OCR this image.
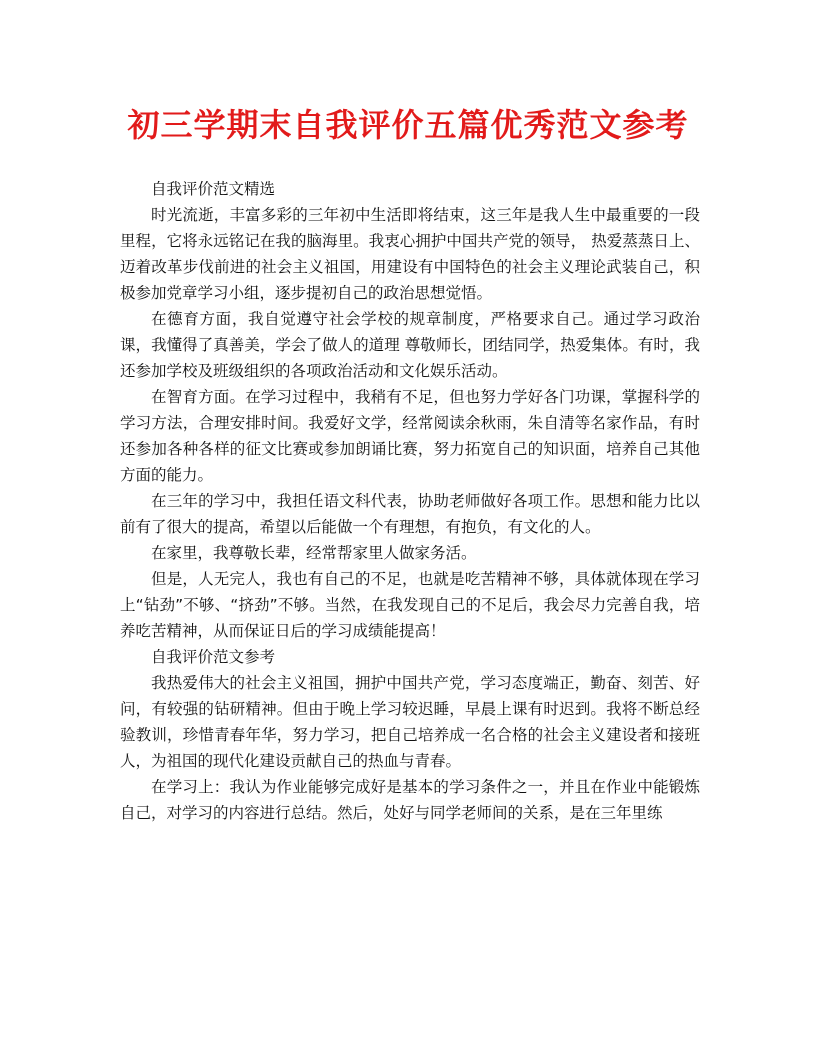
初三学期末自我评价五篇优秀范文参考

自我评价范文精选

时光流逝，丰富多彩的三年初中生活即将结束，这三年是我人生中最重要的一段里程，它将永远铭记在我的脑海里。我衷心拥护中国共产党的领导， 热爱蒸蒸日上、迈着改革步伐前进的社会主义祖国，用建设有中国特色的社会主义理论武装自己，积极参加党章学习小组，逐步提初自己的政治思想觉悟。

在德育方面，我自觉遵守社会学校的规章制度，严格要求自己。通过学习政治课，我懂得了真善美，学会了做人的道理 尊敬师长，团结同学，热爱集体。有时，我还参加学校及班级组织的各项政治活动和文化娱乐活动。

在智育方面。在学习过程中，我稍有不足，但也努力学好各门功课，掌握科学的学习方法，合理安排时间。我爱好文学，经常阅读余秋雨，朱自清等名家作品，有时还参加各种各样的征文比赛或参加朗诵比赛，努力拓宽自己的知识面，培养自己其他方面的能力。

在三年的学习中，我担任语文科代表，协助老师做好各项工作。思想和能力比以前有了很大的提高，希望以后能做一个有理想，有抱负，有文化的人。

在家里，我尊敬长辈，经常帮家里人做家务活。

但是，人无完人，我也有自己的不足，也就是吃苦精神不够，具体就体现在学习上“钻劲”不够、“挤劲”不够。当然，在我发现自己的不足后，我会尽力完善自我，培养吃苦精神，从而保证日后的学习成绩能提高！

自我评价范文参考

我热爱伟大的社会主义祖国，拥护中国共产党，学习态度端正，勤奋、刻苦、好问，有较强的钻研精神。但由于晚上学习较迟睡，早晨上课有时迟到。我将不断总经验教训，珍惜青春年华，努力学习，把自己培养成一名合格的社会主义建设者和接班人，为祖国的现代化建设贡献自己的热血与青春。

在学习上：我认为作业能够完成好是基本的学习条件之一，并且在作业中能锻炼自己，对学习的内容进行总结。然后，处好与同学老师间的关系，是在三年里练
